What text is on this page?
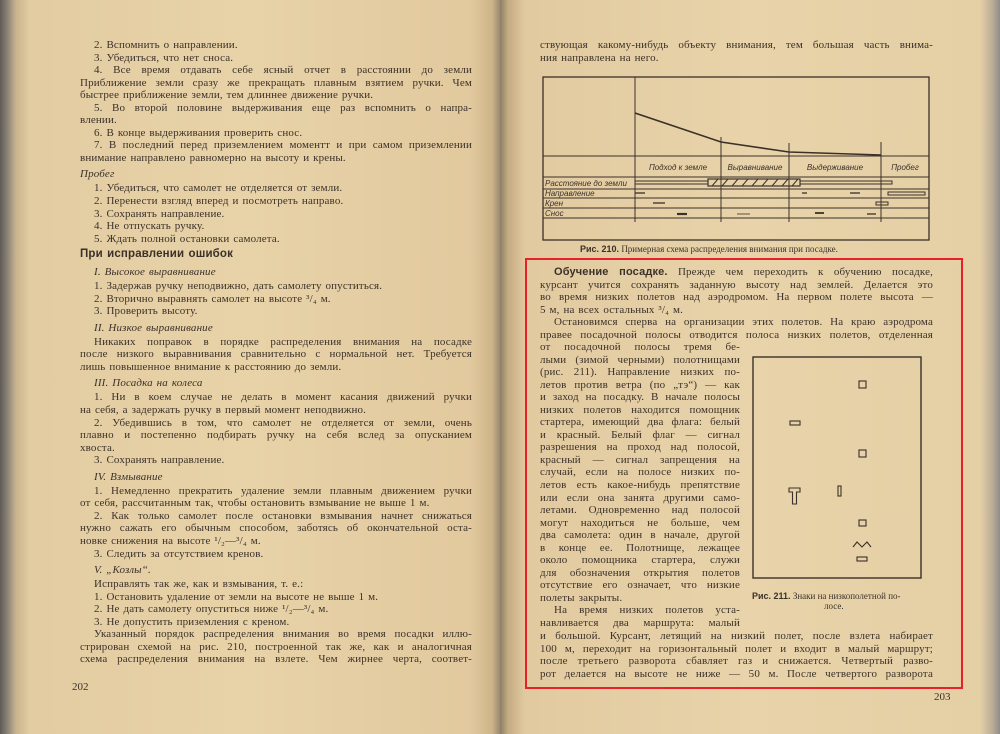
2. Вспомнить о направлении.
3. Убедиться, что нет сноса.
4. Все время отдавать себе ясный отчет в расстоянии до земли
Приближение земли сразу же прекращать плавным взятием ручки. Чем
быстрее приближение земли, тем длиннее движение ручки.
5. Во второй половине выдерживания еще раз вспомнить о напра-
влении.
6. В конце выдерживания проверить снос.
7. В последний перед приземлением моментт и при самом приземлении
внимание направлено равномерно на высоту и крены.
Пробег
1. Убедиться, что самолет не отделяется от земли.
2. Перенести взгляд вперед и посмотреть направо.
3. Сохранять направление.
4. Не отпускать ручку.
5. Ждать полной остановки самолета.
При исправлении ошибок
I. Высокое выравнивание
1. Задержав ручку неподвижно, дать самолету опуститься.
2. Вторично выравнять самолет на высоте ³/₄ м.
3. Проверить высоту.
II. Низкое выравнивание
Никаких поправок в порядке распределения внимания на посадке
после низкого выравнивания сравнительно с нормальной нет. Требуется
лишь повышенное внимание к расстоянию до земли.
III. Посадка на колеса
1. Ни в коем случае не делать в момент касания движений ручки
на себя, а задержать ручку в первый момент неподвижно.
2. Убедившись в том, что самолет не отделяется от земли, очень
плавно и постепенно подбирать ручку на себя вслед за опусканием
хвоста.
3. Сохранять направление.
IV. Взмывание
1. Немедленно прекратить удаление земли плавным движением ручки
от себя, рассчитанным так, чтобы остановить взмывание не выше 1 м.
2. Как только самолет после остановки взмывания начнет снижаться
нужно сажать его обычным способом, заботясь об окончательной оста-
новке снижения на высоте ¹/₂—³/₄ м.
3. Следить за отсутствием кренов.
V. „Козлы“.
Исправлять так же, как и взмывания, т. е.:
1. Остановить удаление от земли на высоте не выше 1 м.
2. Не дать самолету опуститься ниже ¹/₂—³/₄ м.
3. Не допустить приземления с креном.
Указанный порядок распределения внимания во время посадки иллю-
стрирован схемой на рис. 210, построенной так же, как и аналогичная
схема распределения внимания на взлете. Чем жирнее черта, соответ-
202
ствующая какому-нибудь объекту внимания, тем большая часть внима-
ния направлена на него.
Подход к земле	Выравнивание	Выдерживание	Пробег
Расстояние до земли
Направление
Крен
Снос
Рис. 210. Примерная схема распределения внимания при посадке.
Обучение посадке. Прежде чем переходить к обучению посадке,
курсант учится сохранять заданную высоту над землей. Делается это
во время низких полетов над аэродромом. На первом полете высота —
5 м, на всех остальных ³/₄ м.
Остановимся сперва на организации этих полетов. На краю аэродрома
правее посадочной полосы отводится полоса низких полетов, отделенная
от посадочной полосы тремя бе-
лыми (зимой черными) полотнищами
(рис. 211). Направление низких по-
летов против ветра (по „тэ“) — как
и заход на посадку. В начале полосы
низких полетов находится помощник
стартера, имеющий два флага: белый
и красный. Белый флаг — сигнал
разрешения на проход над полосой,
красный — сигнал запрещения на
случай, если на полосе низких по-
летов есть какое-нибудь препятствие
или если она занята другими само-
летами. Одновременно над полосой
могут находиться не больше, чем
два самолета: один в начале, другой
в конце ее. Полотнище, лежащее
около помощника стартера, служи
для обозначения открытия полетов
отсутствие его означает, что низкие
полеты закрыты.
На время низких полетов уста-
навливается два маршрута: малый
и большой. Курсант, летящий на низкий полет, после взлета набирает
100 м, переходит на горизонтальный полет и входит в малый маршрут;
после третьего разворота сбавляет газ и снижается. Четвертый разво-
рот делается на высоте не ниже — 50 м. После четвертого разворота
Рис. 211. Знаки на низкополетной по-
лосе.
203
